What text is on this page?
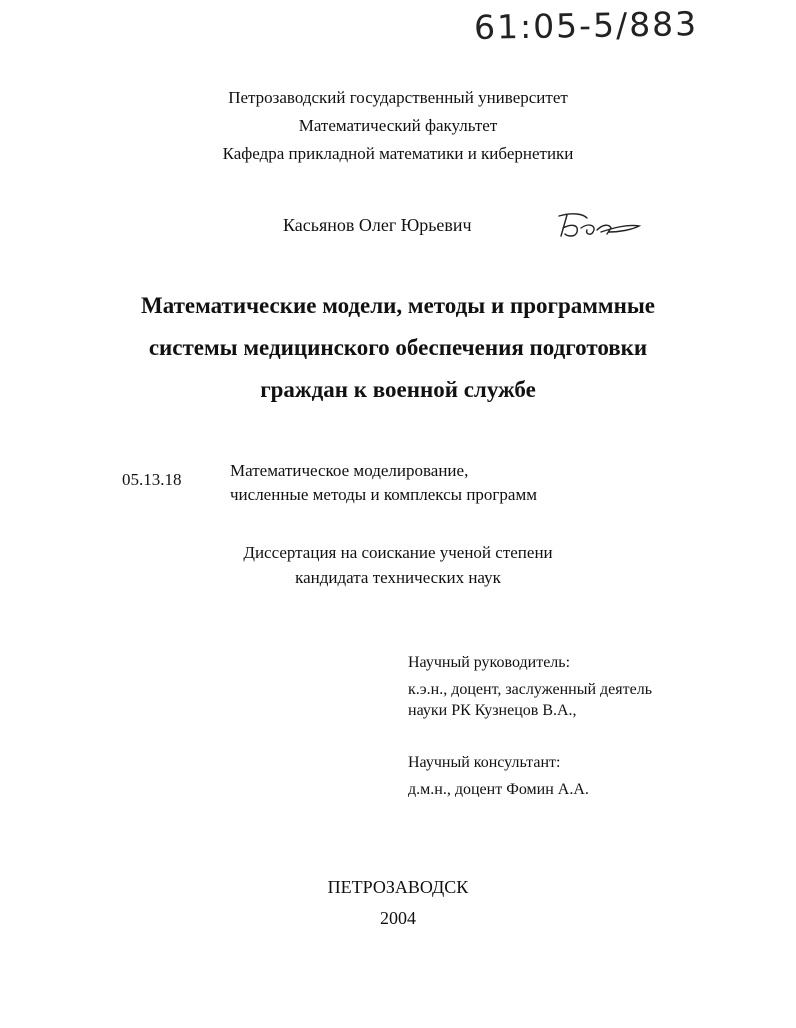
61:05-5/883
Петрозаводский государственный университет
Математический факультет
Кафедра прикладной математики и кибернетики
Касьянов Олег Юрьевич
Математические модели, методы и программные
системы медицинского обеспечения подготовки
граждан к военной службе
05.13.18	Математическое моделирование,
численные методы и комплексы программ
Диссертация на соискание ученой степени
кандидата технических наук
Научный руководитель:
к.э.н., доцент, заслуженный деятель
науки РК Кузнецов В.А.,
Научный консультант:
д.м.н., доцент Фомин А.А.
ПЕТРОЗАВОДСК
2004
